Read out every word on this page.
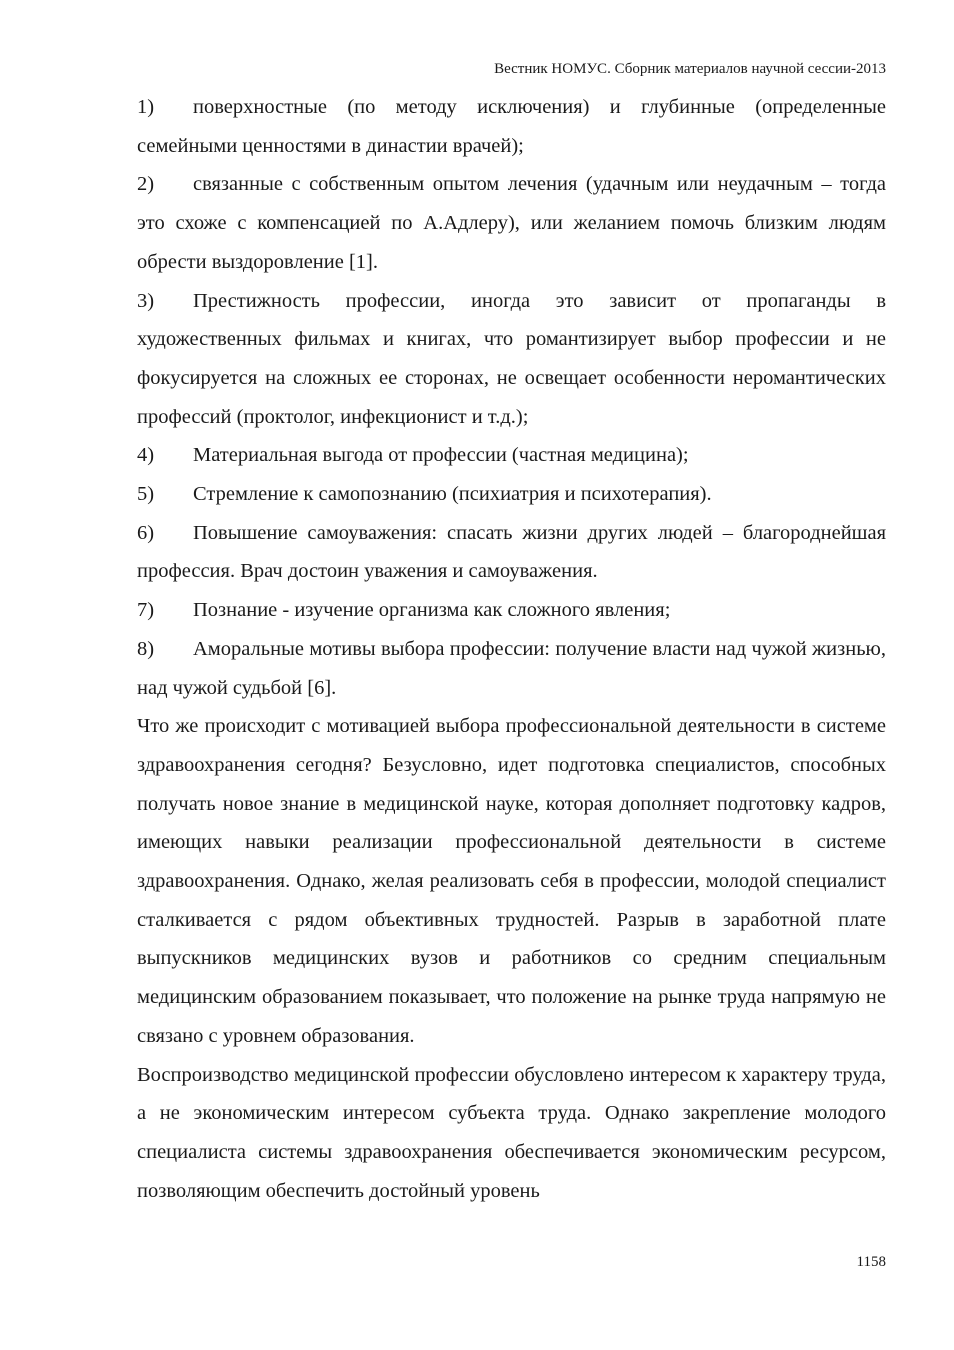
Вестник НОМУС. Сборник материалов научной сессии-2013

1) поверхностные (по методу исключения) и глубинные (определенные семейными ценностями в династии врачей);

2) связанные с собственным опытом лечения (удачным или неудачным – тогда это схоже с компенсацией по А.Адлеру), или желанием помочь близким людям обрести выздоровление [1].

3) Престижность профессии, иногда это зависит от пропаганды в художественных фильмах и книгах, что романтизирует выбор профессии и не фокусируется на сложных ее сторонах, не освещает особенности неромантических профессий (проктолог, инфекционист и т.д.);

4) Материальная выгода от профессии (частная медицина);

5) Стремление к самопознанию (психиатрия и психотерапия).

6) Повышение самоуважения: спасать жизни других людей – благороднейшая профессия. Врач достоин уважения и самоуважения.

7) Познание - изучение организма как сложного явления;

8) Аморальные мотивы выбора профессии: получение власти над чужой жизнью, над чужой судьбой [6].

Что же происходит с мотивацией выбора профессиональной деятельности в системе здравоохранения сегодня? Безусловно, идет подготовка специалистов, способных получать новое знание в медицинской науке, которая дополняет подготовку кадров, имеющих навыки реализации профессиональной деятельности в системе здравоохранения. Однако, желая реализовать себя в профессии, молодой специалист сталкивается с рядом объективных трудностей. Разрыв в заработной плате выпускников медицинских вузов и работников со средним специальным медицинским образованием показывает, что положение на рынке труда напрямую не связано с уровнем образования.

Воспроизводство медицинской профессии обусловлено интересом к характеру труда, а не экономическим интересом субъекта труда. Однако закрепление молодого специалиста системы здравоохранения обеспечивается экономическим ресурсом, позволяющим обеспечить достойный уровень

1158
